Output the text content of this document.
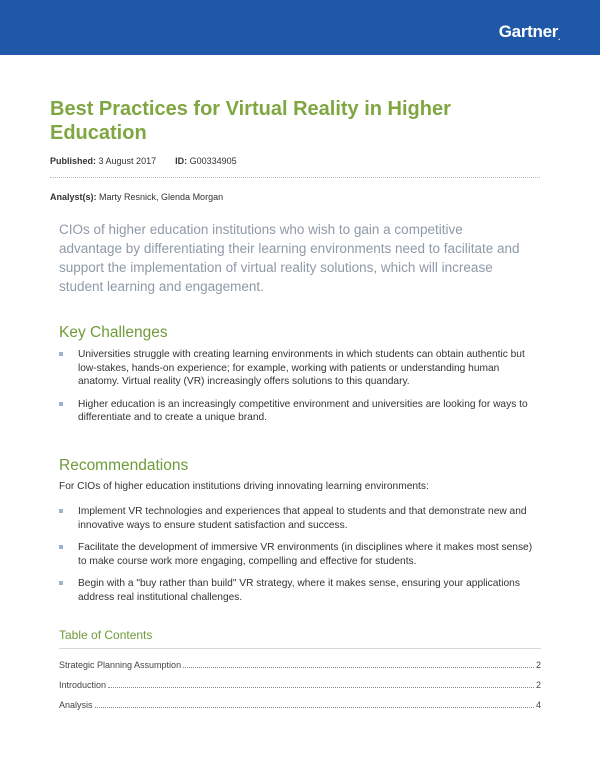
Gartner.
Best Practices for Virtual Reality in Higher Education
Published: 3 August 2017 ID: G00334905
Analyst(s): Marty Resnick, Glenda Morgan
CIOs of higher education institutions who wish to gain a competitive advantage by differentiating their learning environments need to facilitate and support the implementation of virtual reality solutions, which will increase student learning and engagement.
Key Challenges
Universities struggle with creating learning environments in which students can obtain authentic but low-stakes, hands-on experience; for example, working with patients or understanding human anatomy. Virtual reality (VR) increasingly offers solutions to this quandary.
Higher education is an increasingly competitive environment and universities are looking for ways to differentiate and to create a unique brand.
Recommendations
For CIOs of higher education institutions driving innovating learning environments:
Implement VR technologies and experiences that appeal to students and that demonstrate new and innovative ways to ensure student satisfaction and success.
Facilitate the development of immersive VR environments (in disciplines where it makes most sense) to make course work more engaging, compelling and effective for students.
Begin with a "buy rather than build" VR strategy, where it makes sense, ensuring your applications address real institutional challenges.
Table of Contents
Strategic Planning Assumption	2
Introduction	2
Analysis	4
